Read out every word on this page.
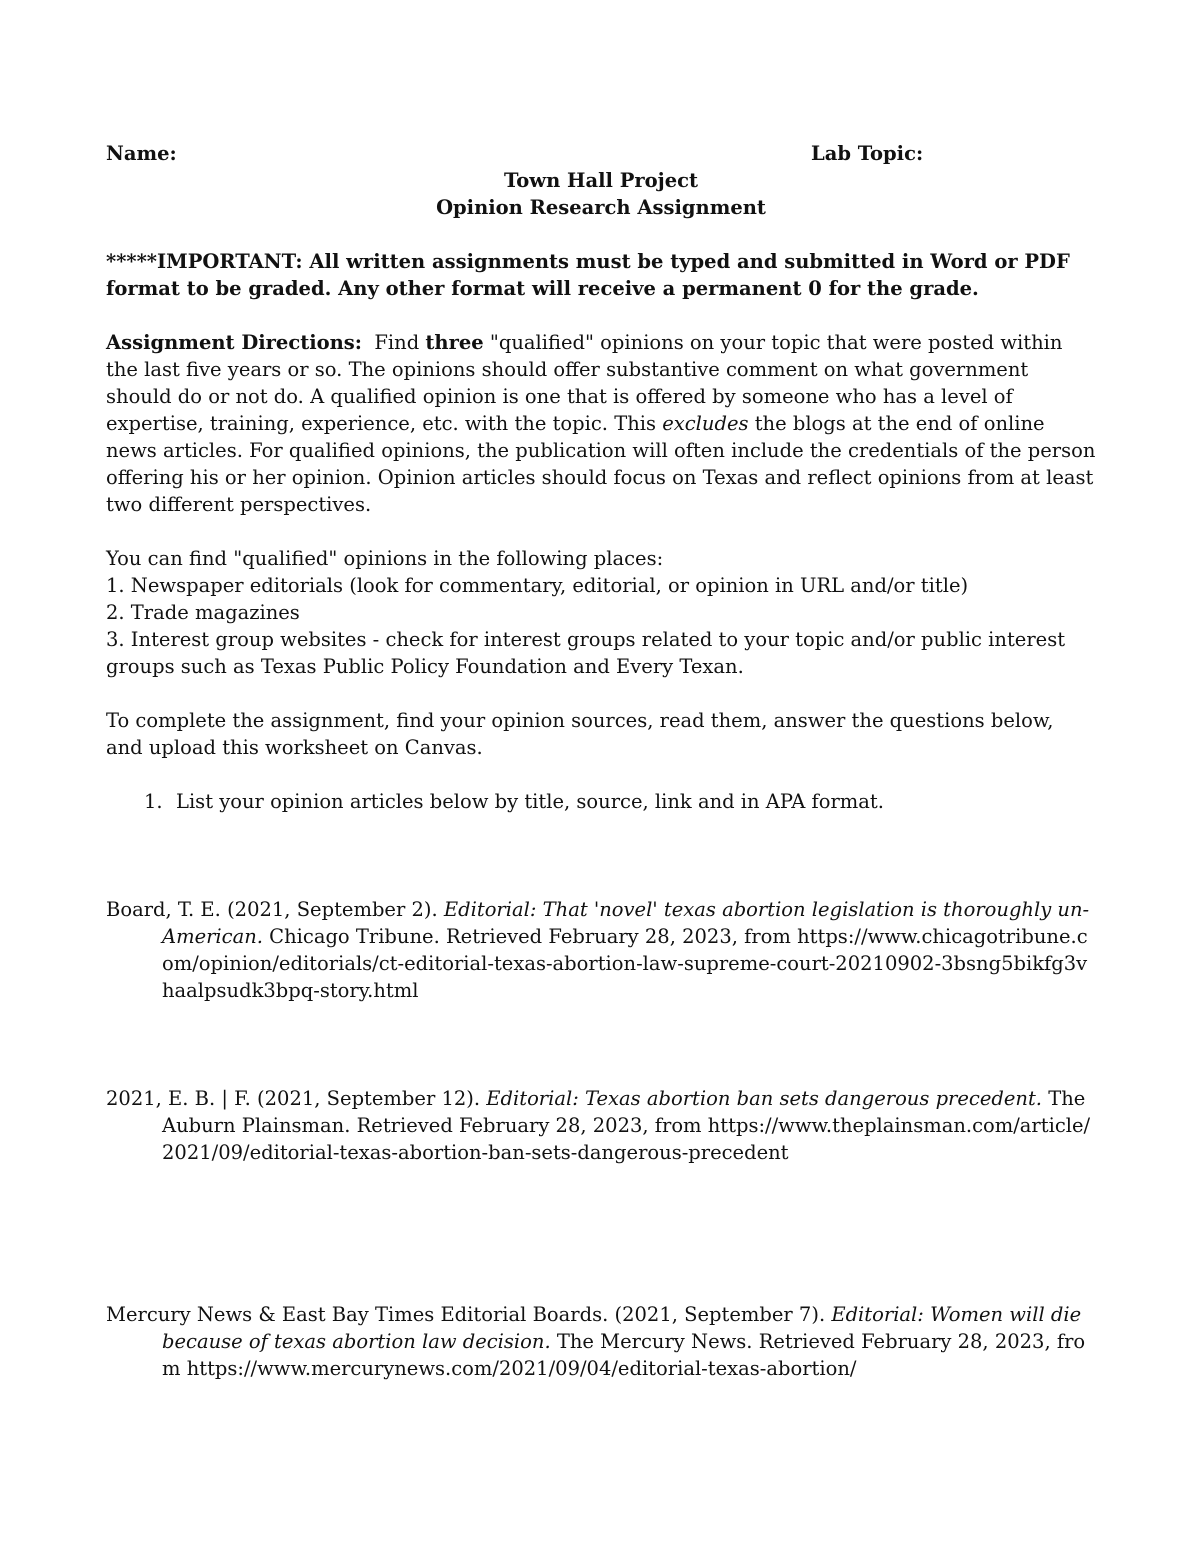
Name:	Lab Topic:
Town Hall Project
Opinion Research Assignment

*****IMPORTANT: All written assignments must be typed and submitted in Word or PDF format to be graded. Any other format will receive a permanent 0 for the grade.

Assignment Directions: Find three "qualified" opinions on your topic that were posted within the last five years or so. The opinions should offer substantive comment on what government should do or not do. A qualified opinion is one that is offered by someone who has a level of expertise, training, experience, etc. with the topic. This excludes the blogs at the end of online news articles. For qualified opinions, the publication will often include the credentials of the person offering his or her opinion. Opinion articles should focus on Texas and reflect opinions from at least two different perspectives.

You can find "qualified" opinions in the following places:

1. Newspaper editorials (look for commentary, editorial, or opinion in URL and/or title)

2. Trade magazines

3. Interest group websites - check for interest groups related to your topic and/or public interest groups such as Texas Public Policy Foundation and Every Texan.

To complete the assignment, find your opinion sources, read them, answer the questions below, and upload this worksheet on Canvas.

1. List your opinion articles below by title, source, link and in APA format.

Board, T. E. (2021, September 2). Editorial: That 'novel' texas abortion legislation is thoroughly un-American. Chicago Tribune. Retrieved February 28, 2023, from https://www.chicagotribune.com/opinion/editorials/ct-editorial-texas-abortion-law-supreme-court-20210902-3bsng5bikfg3vhaalpsudk3bpq-story.html

2021, E. B. | F. (2021, September 12). Editorial: Texas abortion ban sets dangerous precedent. The Auburn Plainsman. Retrieved February 28, 2023, from https://www.theplainsman.com/article/2021/09/editorial-texas-abortion-ban-sets-dangerous-precedent

Mercury News & East Bay Times Editorial Boards. (2021, September 7). Editorial: Women will die because of texas abortion law decision. The Mercury News. Retrieved February 28, 2023, from https://www.mercurynews.com/2021/09/04/editorial-texas-abortion/
